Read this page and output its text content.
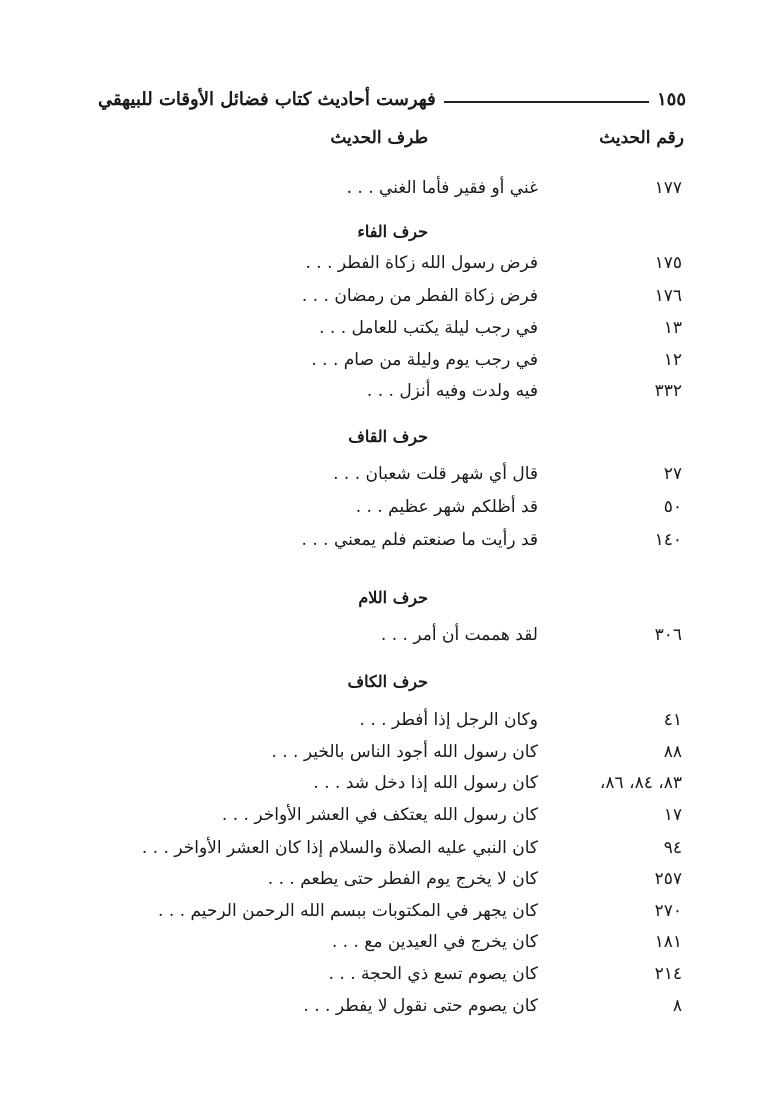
فهرست أحاديث كتاب فضائل الأوقات للبيهقي	١٥٥
رقم الحديث
طرف الحديث
١٧٧
غني أو فقير فأما الغني . . .
حرف الفاء
١٧٥
فرض رسول الله زكاة الفطر . . .
١٧٦
فرض زكاة الفطر من رمضان . . .
١٣
في رجب ليلة يكتب للعامل . . .
١٢
في رجب يوم وليلة من صام . . .
٣٣٢
فيه ولدت وفيه أنزل . . .
حرف القاف
٢٧
قال أي شهر قلت شعبان . . .
٥٠
قد أظلكم شهر عظيم . . .
١٤٠
قد رأيت ما صنعتم فلم يمعني . . .
حرف اللام
٣٠٦
لقد هممت أن أمر . . .
حرف الكاف
٤١
وكان الرجل إذا أفطر . . .
٨٨
كان رسول الله أجود الناس بالخير . . .
٨٣، ٨٤، ٨٦،
كان رسول الله إذا دخل شد . . .
١٧
كان رسول الله يعتكف في العشر الأواخر . . .
٩٤
كان النبي عليه الصلاة والسلام إذا كان العشر الأواخر . . .
٢٥٧
كان لا يخرج يوم الفطر حتى يطعم . . .
٢٧٠
كان يجهر في المكتوبات ببسم الله الرحمن الرحيم . . .
١٨١
كان يخرج في العيدين مع . . .
٢١٤
كان يصوم تسع ذي الحجة . . .
٨
كان يصوم حتى نقول لا يفطر . . .
